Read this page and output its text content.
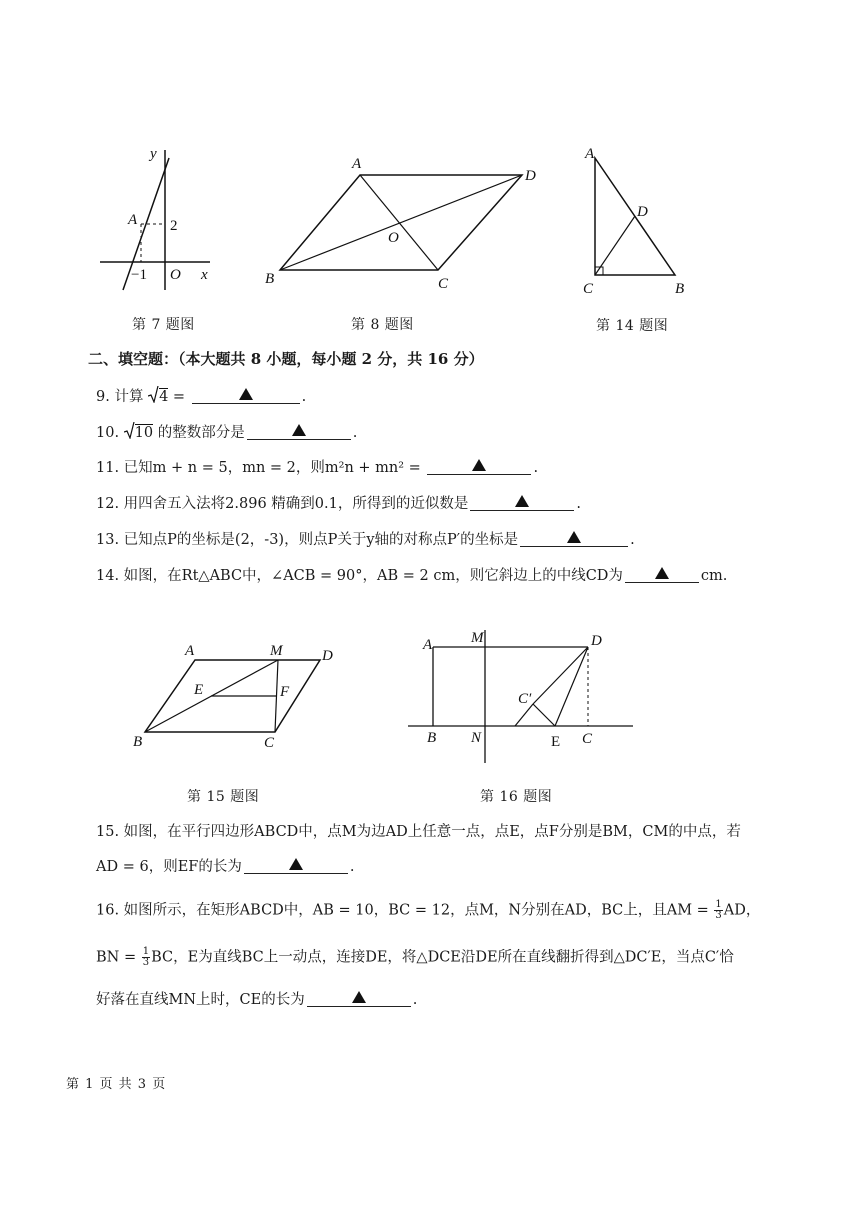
y
x
A 2
−1 O
第 7 题图
A
D
B	C
O
第 8 题图
A
D
C	B
第 14 题图
二、填空题：（本大题共 8 小题，每小题 2 分，共 16 分）
9. 计算 4 =	.
10. 10 的整数部分是	.
11. 已知m + n = 5，mn = 2，则m²n + mn² =	.
12. 用四舍五入法将2.896 精确到0.1，所得到的近似数是	.
13. 已知点P的坐标是(2，-3)，则点P关于y轴的对称点P′的坐标是	.
14. 如图，在Rt△ABC中，∠ACB = 90°，AB = 2 cm，则它斜边上的中线CD为	cm.
A	M	D
E	F
B	C
第 15 题图
A	M	D
C′
B N	E C
第 16 题图
15. 如图，在平行四边形ABCD中，点M为边AD上任意一点，点E，点F分别是BM，CM的中点，若
AD = 6，则EF的长为	.
16. 如图所示，在矩形ABCD中，AB = 10，BC = 12，点M，N分别在AD，BC上，且AM = $\frac{1}{3}$ AD，
BN = $\frac{1}{3}$ BC，E为直线BC上一动点，连接DE，将△DCE沿DE所在直线翻折得到△DC′E，当点C′恰
好落在直线MN上时，CE的长为	.
第 1 页 共 3 页
